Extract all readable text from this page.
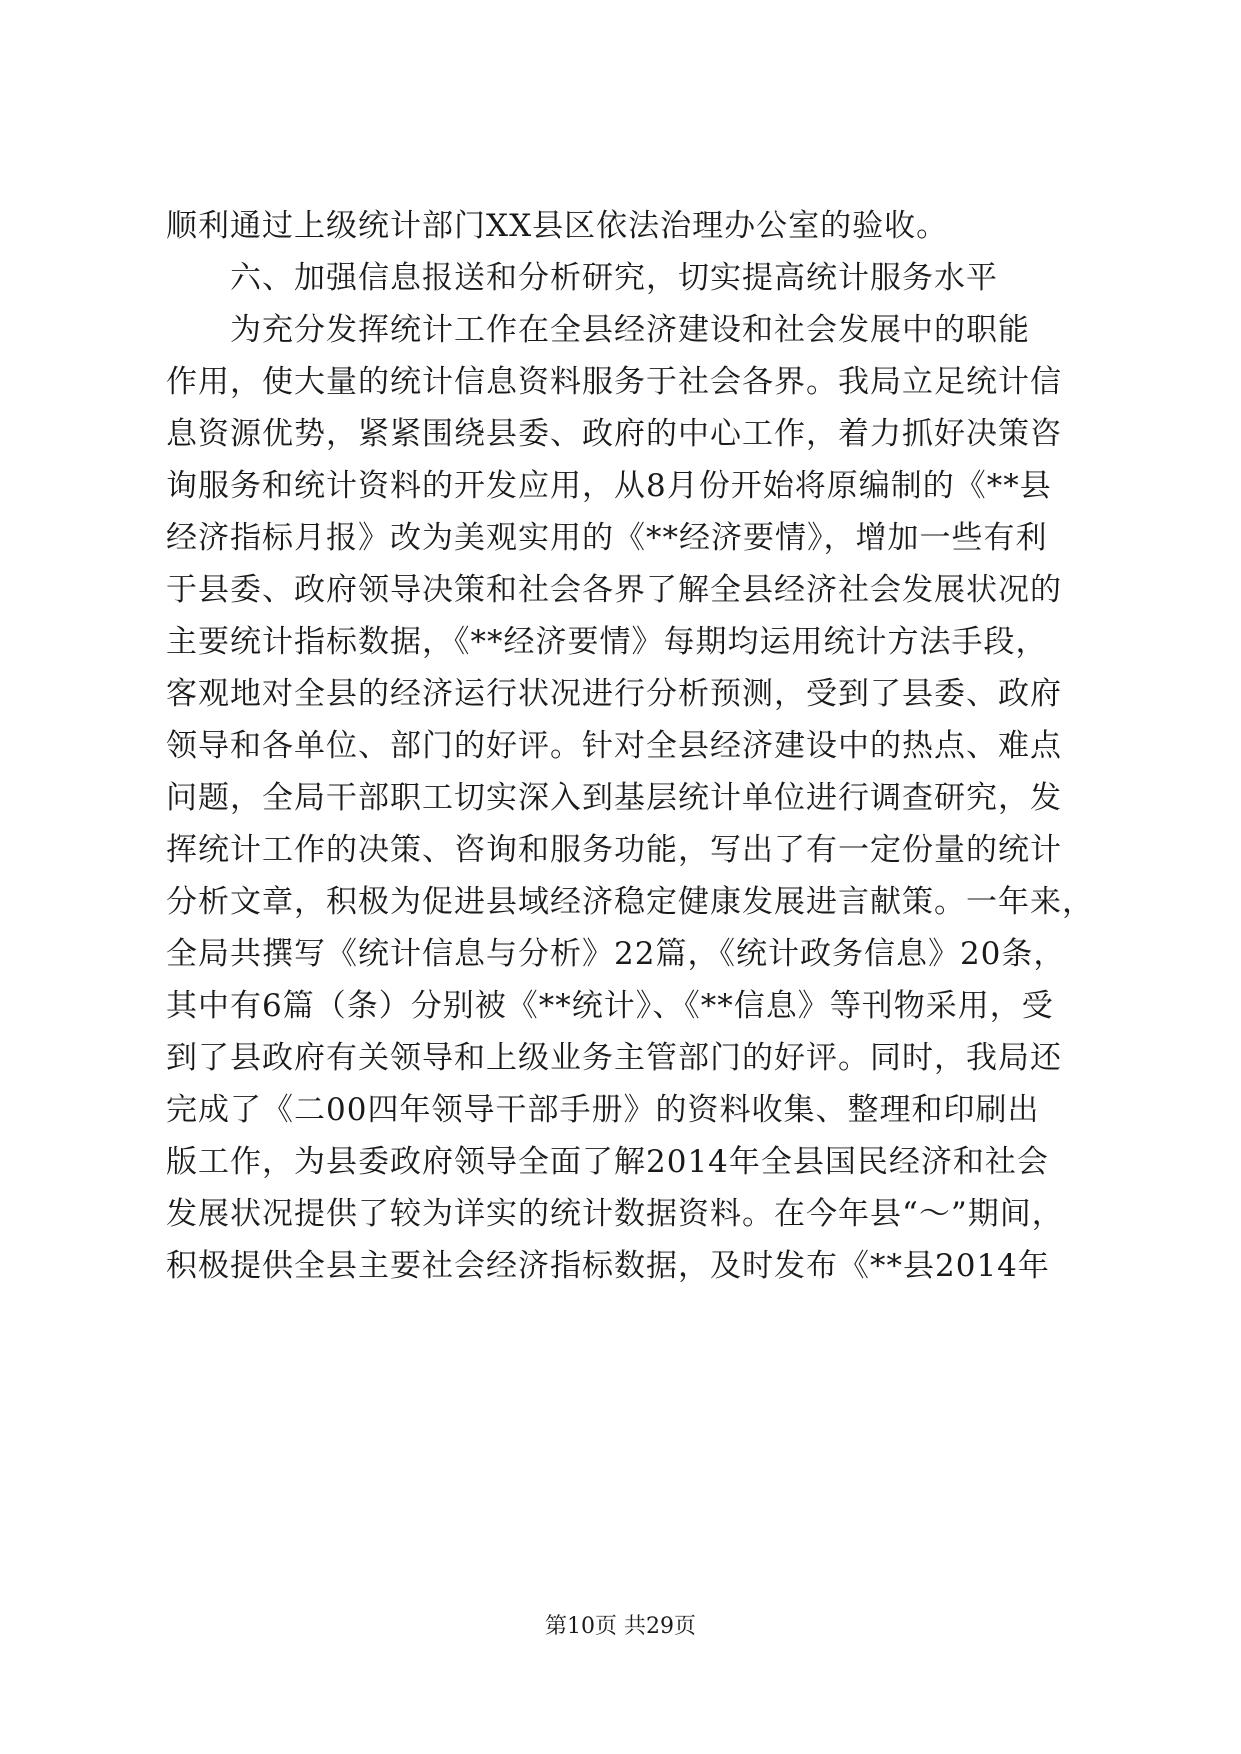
顺利通过上级统计部门XX县区依法治理办公室的验收。
六、加强信息报送和分析研究，切实提高统计服务水平
为充分发挥统计工作在全县经济建设和社会发展中的职能
作用，使大量的统计信息资料服务于社会各界。我局立足统计信
息资源优势，紧紧围绕县委、政府的中心工作，着力抓好决策咨
询服务和统计资料的开发应用，从8月份开始将原编制的《**县
经济指标月报》改为美观实用的《**经济要情》，增加一些有利
于县委、政府领导决策和社会各界了解全县经济社会发展状况的
主要统计指标数据，《**经济要情》每期均运用统计方法手段，
客观地对全县的经济运行状况进行分析预测，受到了县委、政府
领导和各单位、部门的好评。针对全县经济建设中的热点、难点
问题，全局干部职工切实深入到基层统计单位进行调查研究，发
挥统计工作的决策、咨询和服务功能，写出了有一定份量的统计
分析文章，积极为促进县域经济稳定健康发展进言献策。一年来，
全局共撰写《统计信息与分析》22篇，《统计政务信息》20条，
其中有6篇（条）分别被《**统计》、《**信息》等刊物采用，受
到了县政府有关领导和上级业务主管部门的好评。同时，我局还
完成了《二00四年领导干部手册》的资料收集、整理和印刷出
版工作，为县委政府领导全面了解2014年全县国民经济和社会
发展状况提供了较为详实的统计数据资料。在今年县“～”期间，
积极提供全县主要社会经济指标数据，及时发布《**县2014年
第10页 共29页
